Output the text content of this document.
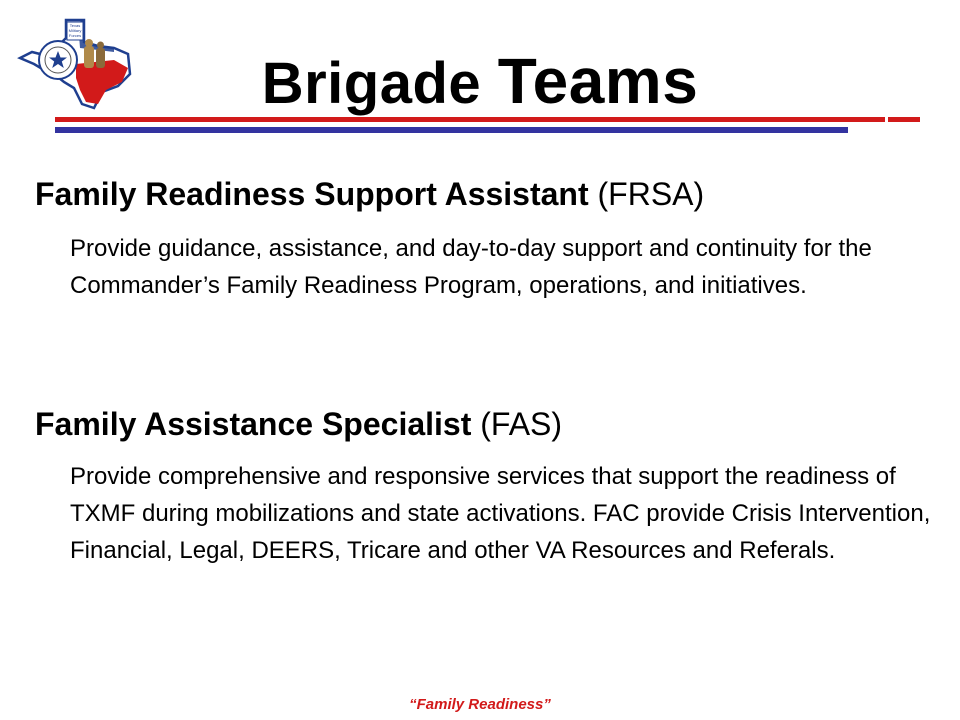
Texas
Military
Forces
Brigade Teams
Family Readiness Support Assistant (FRSA)
Provide guidance, assistance, and day-to-day support and continuity for the Commander’s Family Readiness Program, operations, and initiatives.
Family Assistance Specialist (FAS)
Provide comprehensive and responsive services that support the readiness of TXMF during mobilizations and state activations. FAC provide Crisis Intervention, Financial, Legal, DEERS, Tricare and other VA Resources and Referals.
“Family Readiness”
